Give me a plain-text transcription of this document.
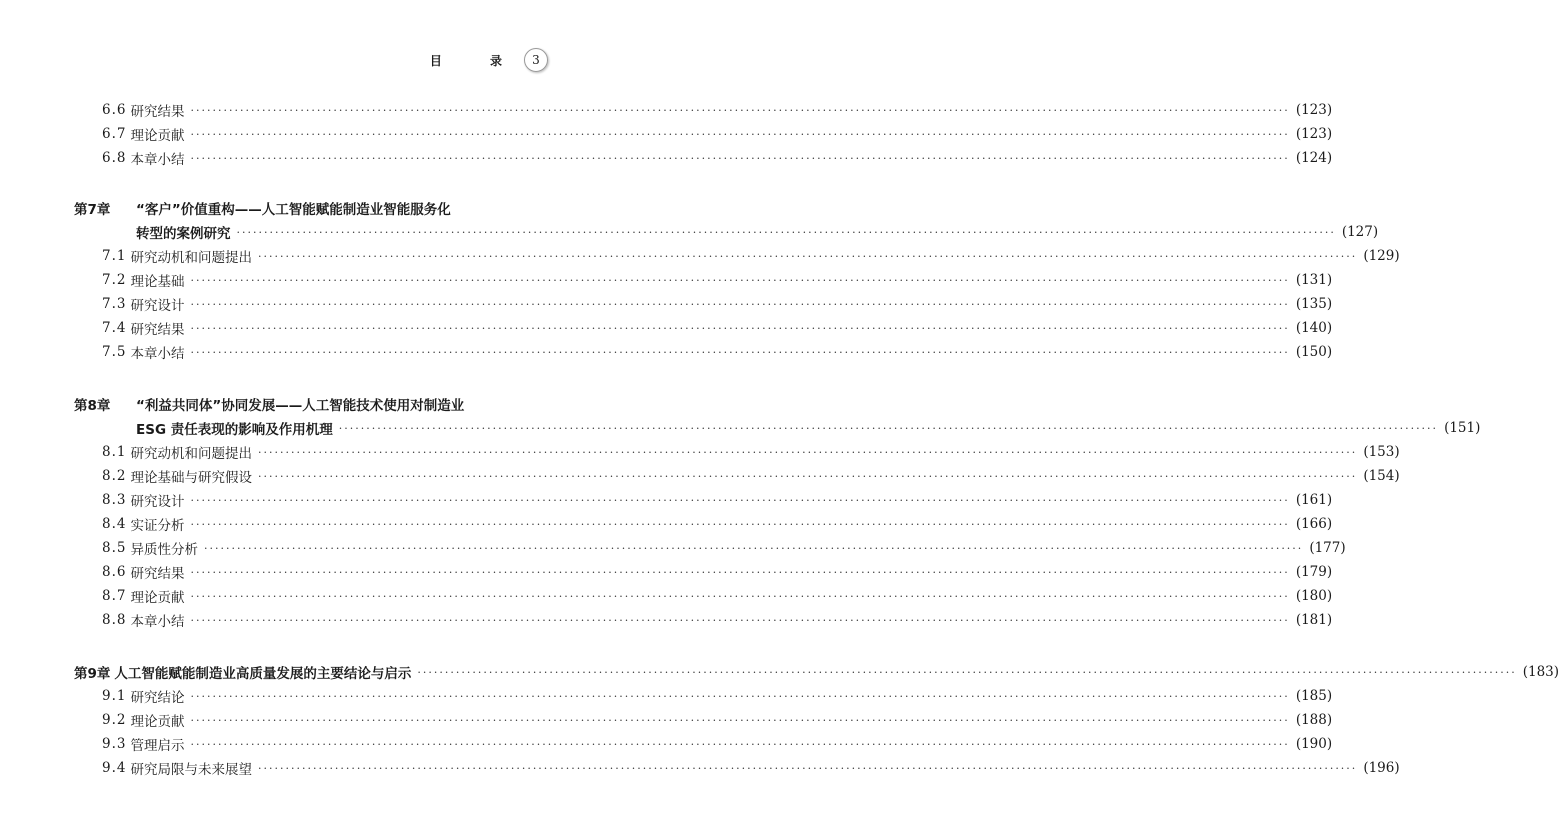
目 录 3
6.6 研究结果 ········································································································································································································ (123)
6.7 理论贡献 ········································································································································································································ (123)
6.8 本章小结 ········································································································································································································ (124)
第7章	“客户”价值重构——人工智能赋能制造业智能服务化
转型的案例研究 ········································································································································································································ (127)
7.1 研究动机和问题提出 ········································································································································································································ (129)
7.2 理论基础 ········································································································································································································ (131)
7.3 研究设计 ········································································································································································································ (135)
7.4 研究结果 ········································································································································································································ (140)
7.5 本章小结 ········································································································································································································ (150)
第8章	“利益共同体”协同发展——人工智能技术使用对制造业
ESG 责任表现的影响及作用机理 ········································································································································································································ (151)
8.1 研究动机和问题提出 ········································································································································································································ (153)
8.2 理论基础与研究假设 ········································································································································································································ (154)
8.3 研究设计 ········································································································································································································ (161)
8.4 实证分析 ········································································································································································································ (166)
8.5 异质性分析 ········································································································································································································ (177)
8.6 研究结果 ········································································································································································································ (179)
8.7 理论贡献 ········································································································································································································ (180)
8.8 本章小结 ········································································································································································································ (181)
第9章 人工智能赋能制造业高质量发展的主要结论与启示 ········································································································································································································ (183)
9.1 研究结论 ········································································································································································································ (185)
9.2 理论贡献 ········································································································································································································ (188)
9.3 管理启示 ········································································································································································································ (190)
9.4 研究局限与未来展望 ········································································································································································································ (196)
